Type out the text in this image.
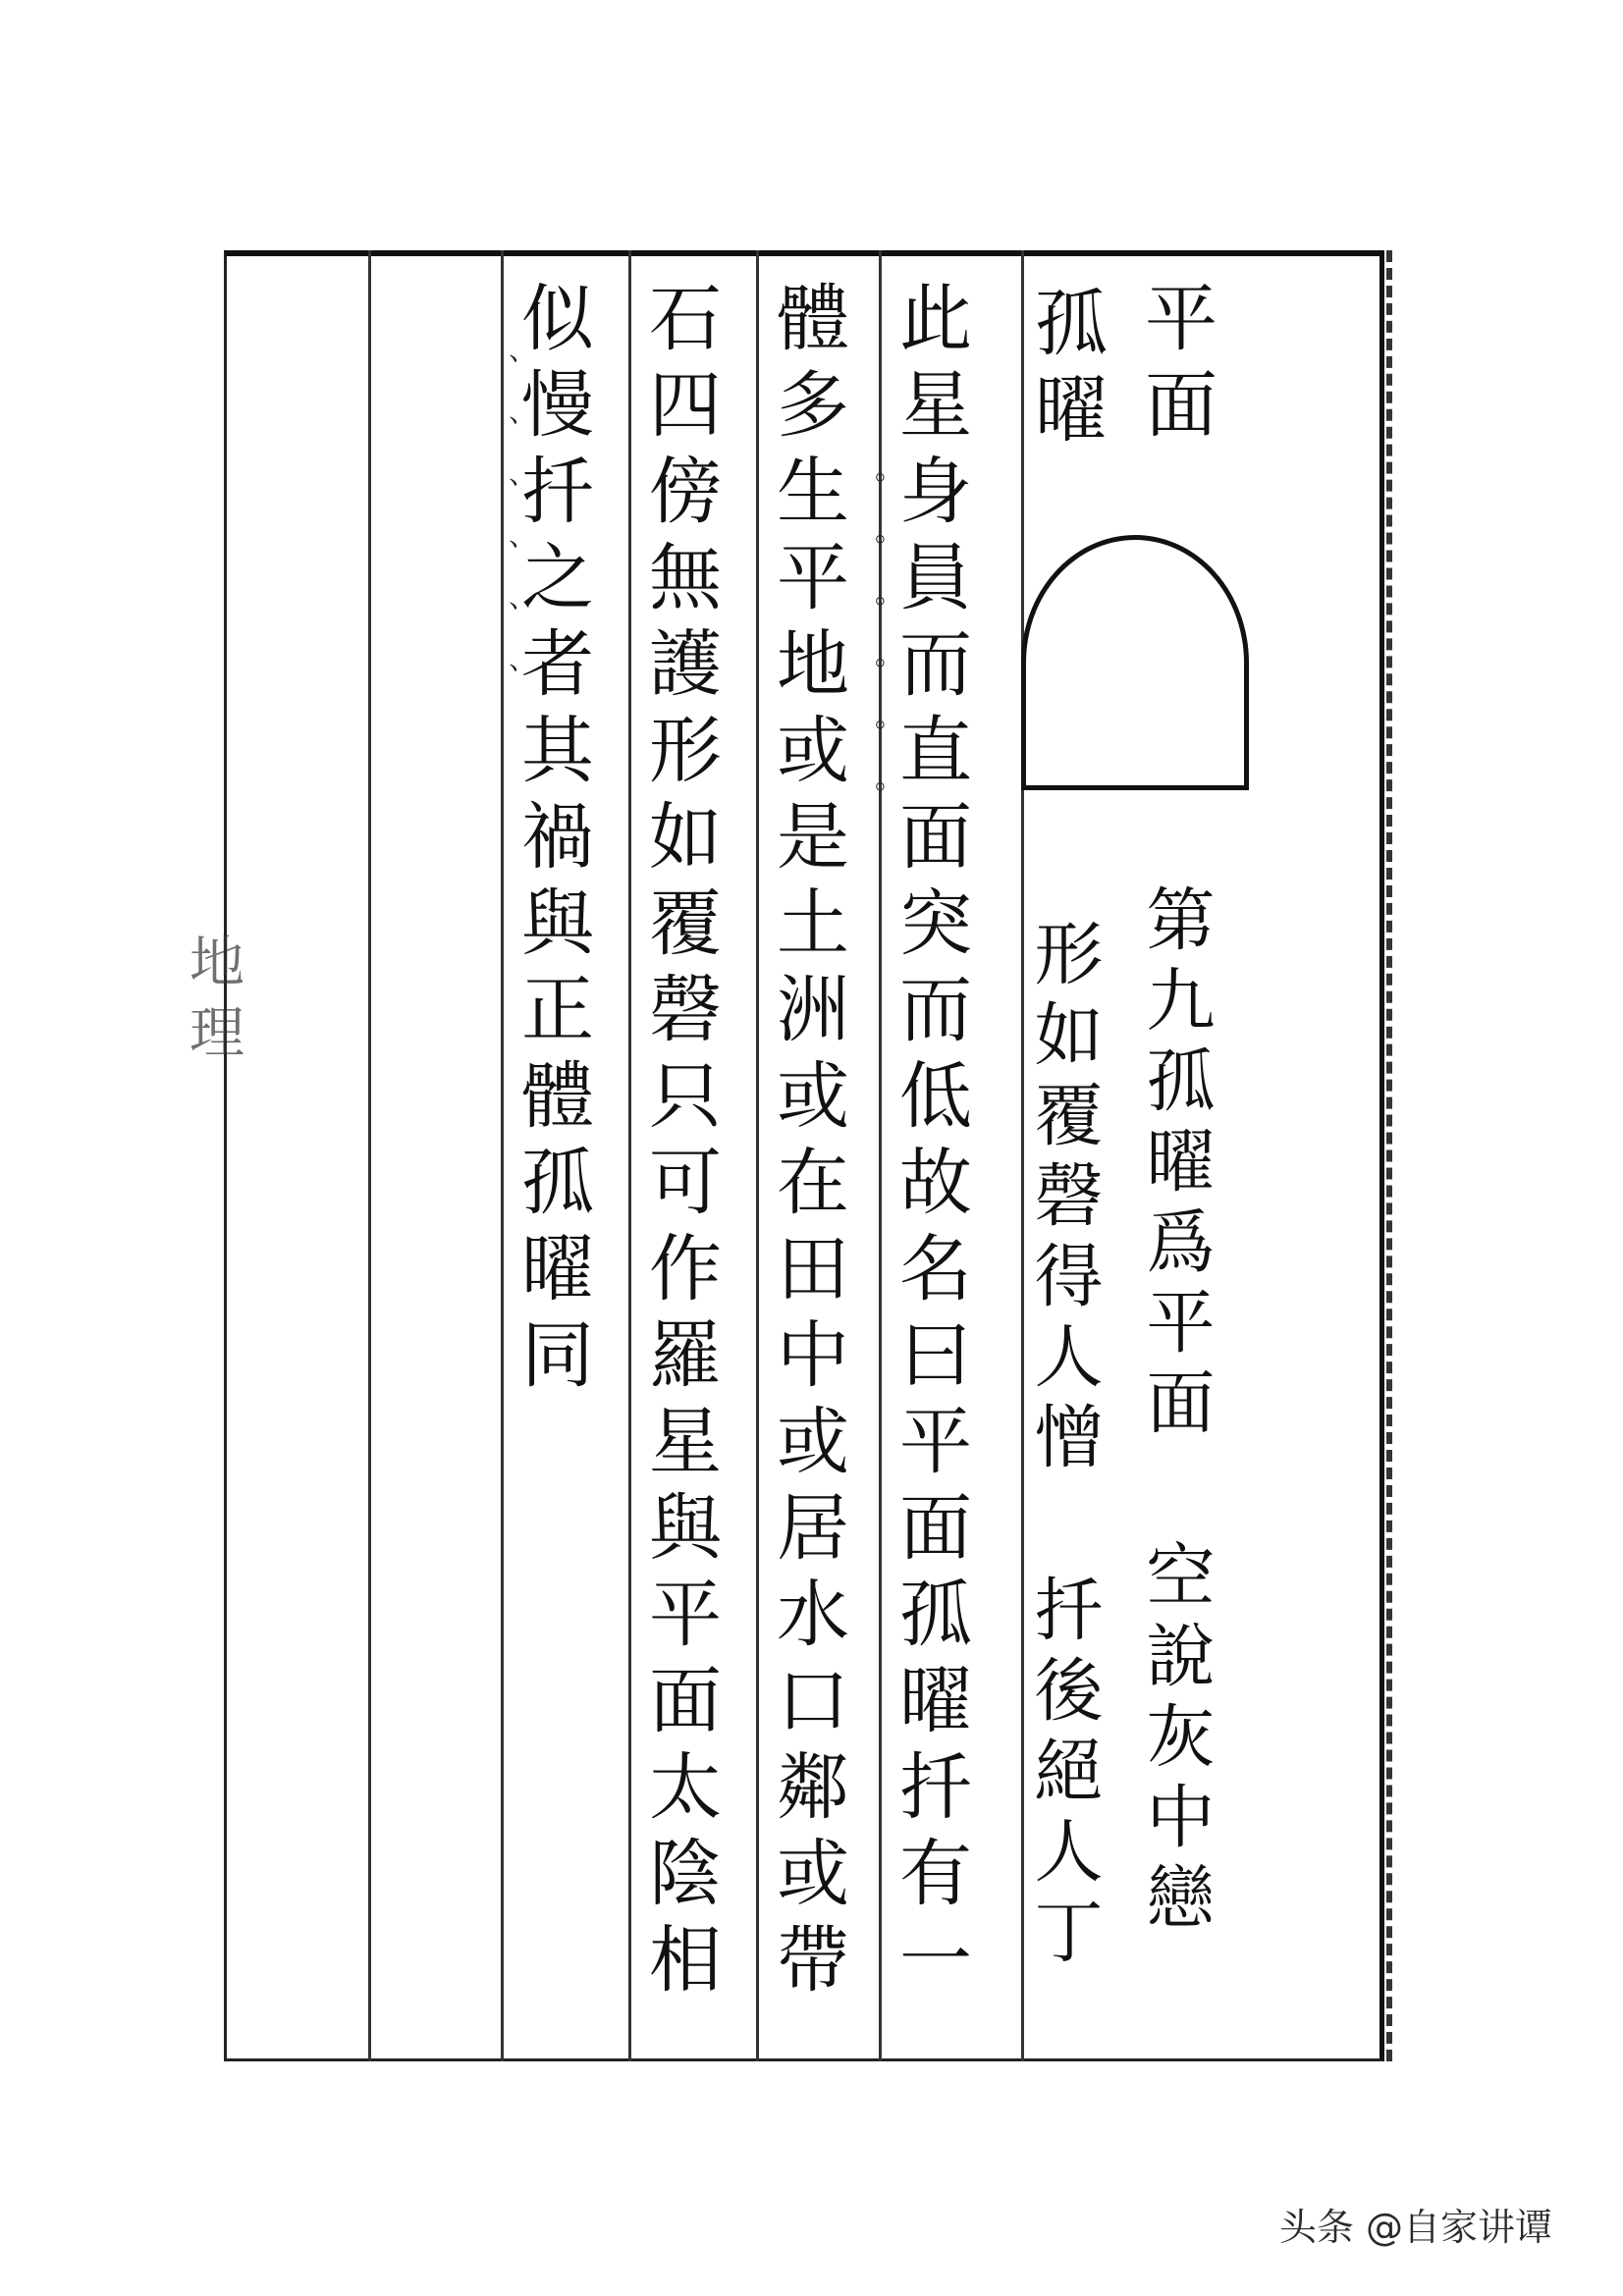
地理
平面
孤曜
第九孤曜爲平面 空說灰中戀
形如覆磬得人憎 扦後絕人丁
此星身員而直面突而低故名曰平面孤曜扦有一
。。。。。。
體多生平地或是土洲或在田中或居水口鄰或帶
石四傍無護形如覆磬只可作羅星與平面太陰相
似慢扦之者其禍與正體孤曜同
、、、、、、
头条 @自家讲谭
